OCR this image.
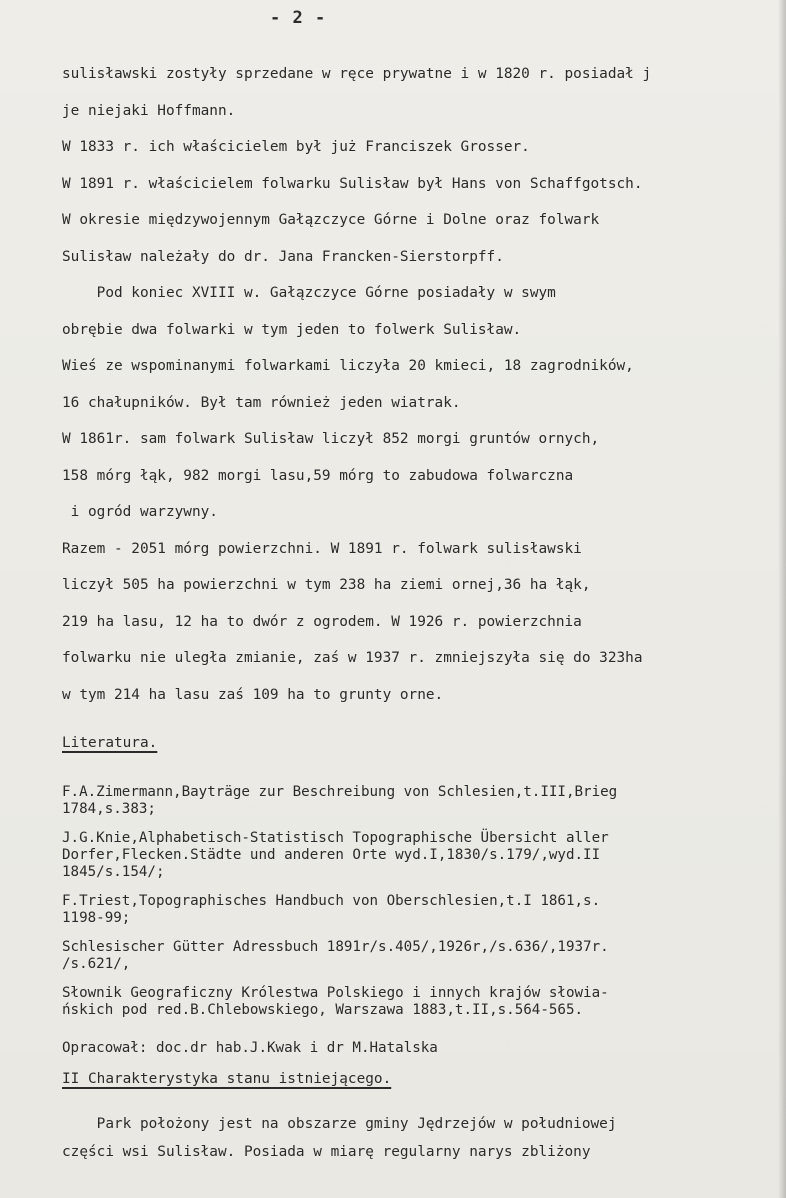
- 2 -
sulisławski zostyły sprzedane w ręce prywatne i w 1820 r. posiadał j
je niejaki Hoffmann.
W 1833 r. ich właścicielem był już Franciszek Grosser.
W 1891 r. właścicielem folwarku Sulisław był Hans von Schaffgotsch.
W okresie międzywojennym Gałązczyce Górne i Dolne oraz folwark
Sulisław należały do dr. Jana Francken-Sierstorpff.
Pod koniec XVIII w. Gałązczyce Górne posiadały w swym
obrębie dwa folwarki w tym jeden to folwerk Sulisław.
Wieś ze wspominanymi folwarkami liczyła 20 kmieci, 18 zagrodników,
16 chałupników. Był tam również jeden wiatrak.
W 1861r. sam folwark Sulisław liczył 852 morgi gruntów ornych,
158 mórg łąk, 982 morgi lasu,59 mórg to zabudowa folwarczna
i ogród warzywny.
Razem - 2051 mórg powierzchni. W 1891 r. folwark sulisławski
liczył 505 ha powierzchni w tym 238 ha ziemi ornej,36 ha łąk,
219 ha lasu, 12 ha to dwór z ogrodem. W 1926 r. powierzchnia
folwarku nie uległa zmianie, zaś w 1937 r. zmniejszyła się do 323ha
w tym 214 ha lasu zaś 109 ha to grunty orne.
Literatura.
F.A.Zimermann,Bayträge zur Beschreibung von Schlesien,t.III,Brieg
1784,s.383;
J.G.Knie,Alphabetisch-Statistisch Topographische Übersicht aller
Dorfer,Flecken.Städte und anderen Orte wyd.I,1830/s.179/,wyd.II
1845/s.154/;
F.Triest,Topographisches Handbuch von Oberschlesien,t.I 1861,s.
1198-99;
Schlesischer Gütter Adressbuch 1891r/s.405/,1926r,/s.636/,1937r.
/s.621/,
Słownik Geograficzny Królestwa Polskiego i innych krajów słowia-
ńskich pod red.B.Chlebowskiego, Warszawa 1883,t.II,s.564-565.
Opracował: doc.dr hab.J.Kwak i dr M.Hatalska
II Charakterystyka stanu istniejącego.
Park położony jest na obszarze gminy Jędrzejów w południowej
części wsi Sulisław. Posiada w miarę regularny narys zbliżony
